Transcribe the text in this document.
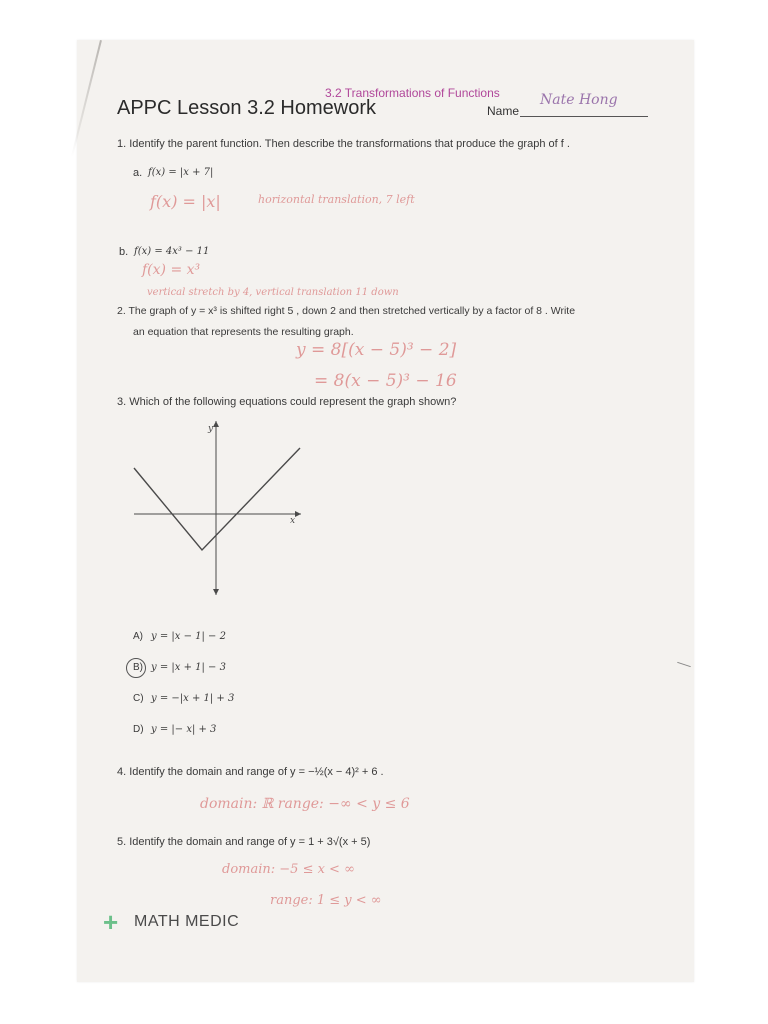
3.2 Transformations of Functions
APPC Lesson 3.2 Homework	Name
Nate Hong
1. Identify the parent function. Then describe the transformations that produce the graph of f .
a. f(x) = |x + 7|
f(x) = |x|	horizontal translation, 7 left
b. f(x) = 4x³ − 11
f(x) = x³
vertical stretch by 4, vertical translation 11 down
2. The graph of y = x³ is shifted right 5 , down 2 and then stretched vertically by a factor of 8 . Write
an equation that represents the resulting graph.
y = 8[(x − 5)³ − 2]
= 8(x − 5)³ − 16
3. Which of the following equations could represent the graph shown?
y
x
A) y = |x − 1| − 2
B) y = |x + 1| − 3
C) y = −|x + 1| + 3
D) y = |− x| + 3
4. Identify the domain and range of y = −½(x − 4)² + 6 .
domain: ℝ range: −∞ < y ≤ 6
5. Identify the domain and range of y = 1 + 3√(x + 5)
domain: −5 ≤ x < ∞
range: 1 ≤ y < ∞
+ MATH MEDIC
